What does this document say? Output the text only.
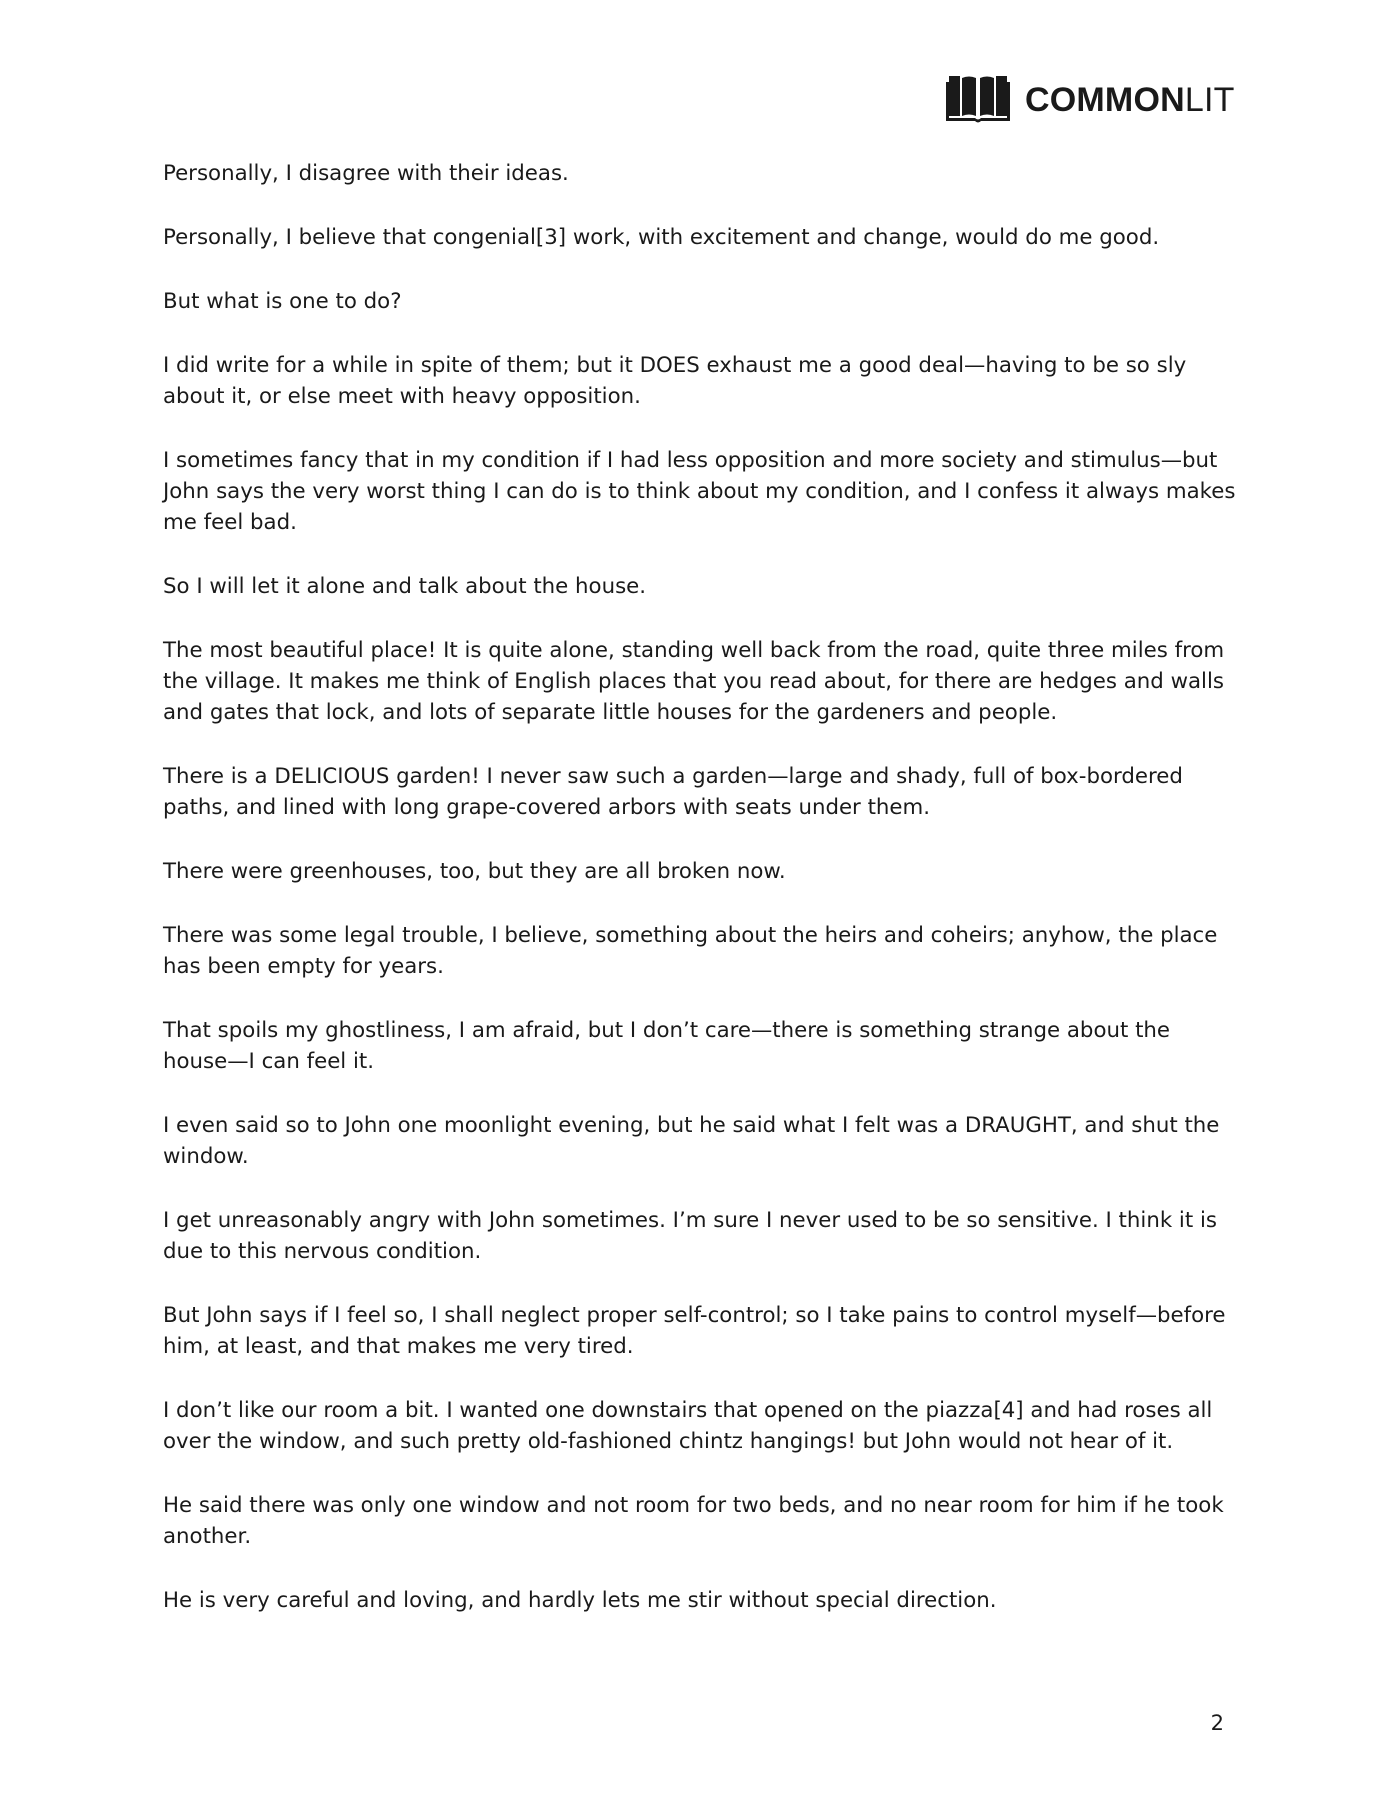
COMMONLIT

Personally, I disagree with their ideas.

Personally, I believe that congenial[3] work, with excitement and change, would do me good.

But what is one to do?

I did write for a while in spite of them; but it DOES exhaust me a good deal—having to be so sly about it, or else meet with heavy opposition.

I sometimes fancy that in my condition if I had less opposition and more society and stimulus—but John says the very worst thing I can do is to think about my condition, and I confess it always makes me feel bad.

So I will let it alone and talk about the house.

The most beautiful place! It is quite alone, standing well back from the road, quite three miles from the village. It makes me think of English places that you read about, for there are hedges and walls and gates that lock, and lots of separate little houses for the gardeners and people.

There is a DELICIOUS garden! I never saw such a garden—large and shady, full of box-bordered paths, and lined with long grape-covered arbors with seats under them.

There were greenhouses, too, but they are all broken now.

There was some legal trouble, I believe, something about the heirs and coheirs; anyhow, the place has been empty for years.

That spoils my ghostliness, I am afraid, but I don’t care—there is something strange about the house—I can feel it.

I even said so to John one moonlight evening, but he said what I felt was a DRAUGHT, and shut the window.

I get unreasonably angry with John sometimes. I’m sure I never used to be so sensitive. I think it is due to this nervous condition.

But John says if I feel so, I shall neglect proper self-control; so I take pains to control myself—before him, at least, and that makes me very tired.

I don’t like our room a bit. I wanted one downstairs that opened on the piazza[4] and had roses all over the window, and such pretty old-fashioned chintz hangings! but John would not hear of it.

He said there was only one window and not room for two beds, and no near room for him if he took another.

He is very careful and loving, and hardly lets me stir without special direction.

2
